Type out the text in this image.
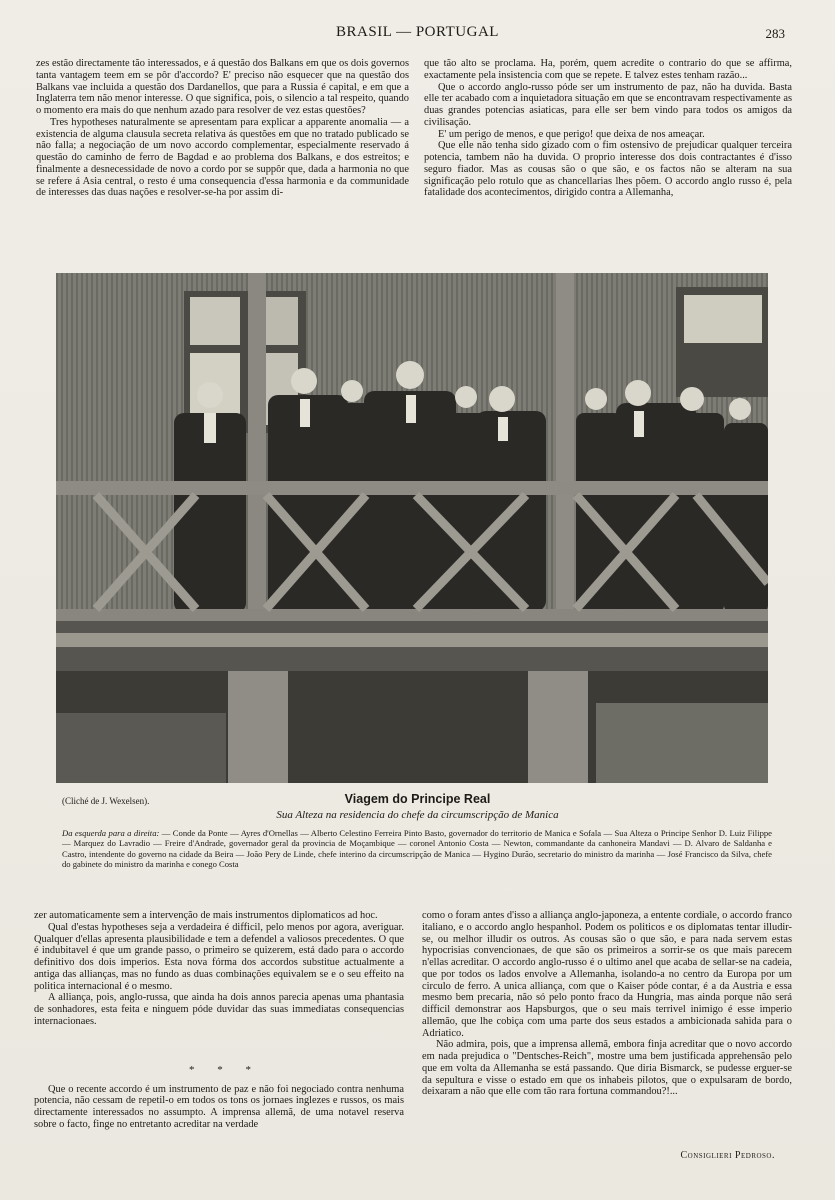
BRASIL — PORTUGAL	283

zes estão directamente tão interessados, e á questão dos Balkans em que os dois governos tanta vantagem teem em se pôr d'accordo? E' preciso não esquecer que na questão dos Balkans vae incluida a questão dos Dardanellos, que para a Russia é capital, e em que a Inglaterra tem não menor interesse. O que significa, pois, o silencio a tal respeito, quando o momento era mais do que nenhum azado para resolver de vez estas questões?

Tres hypotheses naturalmente se apresentam para explicar a apparente anomalia — a existencia de alguma clausula secreta relativa ás questões em que no tratado publicado se não falla; a negociação de um novo accordo complementar, especialmente reservado á questão do caminho de ferro de Bagdad e ao problema dos Balkans, e dos estreitos; e finalmente a desnecessidade de novo a cordo por se suppôr que, dada a harmonia no que se refere á Asia central, o resto é uma consequencia d'essa harmonia e da communidade de interesses das duas nações e resolver-se-ha por assim di-

que tão alto se proclama. Ha, porém, quem acredite o contrario do que se affirma, exactamente pela insistencia com que se repete. E talvez estes tenham razão...

Que o accordo anglo-russo póde ser um instrumento de paz, não ha duvida. Basta elle ter acabado com a inquietadora situação em que se encontravam respectivamente as duas grandes potencias asiaticas, para elle ser bem vindo para todos os amigos da civilisação.

E' um perigo de menos, e que perigo! que deixa de nos ameaçar.

Que elle não tenha sido gizado com o fim ostensivo de prejudicar qualquer terceira potencia, tambem não ha duvida. O proprio interesse dos dois contractantes é d'isso seguro fiador. Mas as cousas são o que são, e os factos não se alteram na sua significação pelo rotulo que as chancellarias lhes põem. O accordo anglo russo é, pela fatalidade dos acontecimentos, dirigido contra a Allemanha,

(Cliché de J. Wexelsen).	Viagem do Principe Real
Sua Alteza na residencia do chefe da circumscripção de Manica
Da esquerda para a direita: — Conde da Ponte — Ayres d'Ornellas — Alberto Celestino Ferreira Pinto Basto, governador do territorio de Manica e Sofala — Sua Alteza o Principe Senhor D. Luiz Filippe — Marquez do Lavradio — Freire d'Andrade, governador geral da provincia de Moçambique — coronel Antonio Costa — Newton, commandante da canhoneira Mandavi — D. Alvaro de Saldanha e Castro, intendente do governo na cidade da Beira — João Pery de Linde, chefe interino da circumscripção de Manica — Hygino Durão, secretario do ministro da marinha — José Francisco da Silva, chefe do gabinete do ministro da marinha e conego Costa

zer automaticamente sem a intervenção de mais instrumentos diplomaticos ad hoc.

Qual d'estas hypotheses seja a verdadeira é difficil, pelo menos por agora, averiguar. Qualquer d'ellas apresenta plausibilidade e tem a defendel a valiosos precedentes. O que é indubitavel é que um grande passo, o primeiro se quizerem, está dado para o accordo definitivo dos dois imperios. Esta nova fórma dos accordos substitue actualmente a antiga das allianças, mas no fundo as duas combinações equivalem se e o seu effeito na politica internacional é o mesmo.

A alliança, pois, anglo-russa, que ainda ha dois annos parecia apenas uma phantasia de sonhadores, esta feita e ninguem póde duvidar das suas immediatas consequencias internacionaes.

Que o recente accordo é um instrumento de paz e não foi negociado contra nenhuma potencia, não cessam de repetil-o em todos os tons os jornaes inglezes e russos, os mais directamente interessados no assumpto. A imprensa allemã, de uma notavel reserva sobre o facto, finge no entretanto acreditar na verdade

* * *

como o foram antes d'isso a alliança anglo-japoneza, a entente cordiale, o accordo franco italiano, e o accordo anglo hespanhol. Podem os politicos e os diplomatas tentar illudir-se, ou melhor illudir os outros. As cousas são o que são, e para nada servem estas hypocrisias convencionaes, de que são os primeiros a sorrir-se os que mais parecem n'ellas acreditar. O accordo anglo-russo é o ultimo anel que acaba de sellar-se na cadeia, que por todos os lados envolve a Allemanha, isolando-a no centro da Europa por um circulo de ferro. A unica alliança, com que o Kaiser póde contar, é a da Austria e essa mesmo bem precaria, não só pelo ponto fraco da Hungria, mas ainda porque não será difficil demonstrar aos Hapsburgos, que o seu mais terrivel inimigo é esse imperio allemão, que lhe cobiça com uma parte dos seus estados a ambicionada sahida para o Adriatico.

Não admira, pois, que a imprensa allemã, embora finja acreditar que o novo accordo em nada prejudica o "Dentsches-Reich", mostre uma bem justificada apprehensão pelo que em volta da Allemanha se está passando. Que diria Bismarck, se pudesse erguer-se da sepultura e visse o estado em que os inhabeis pilotos, que o expulsaram de bordo, deixaram a não que elle com tão rara fortuna commandou?!...

Consiglieri Pedroso.
